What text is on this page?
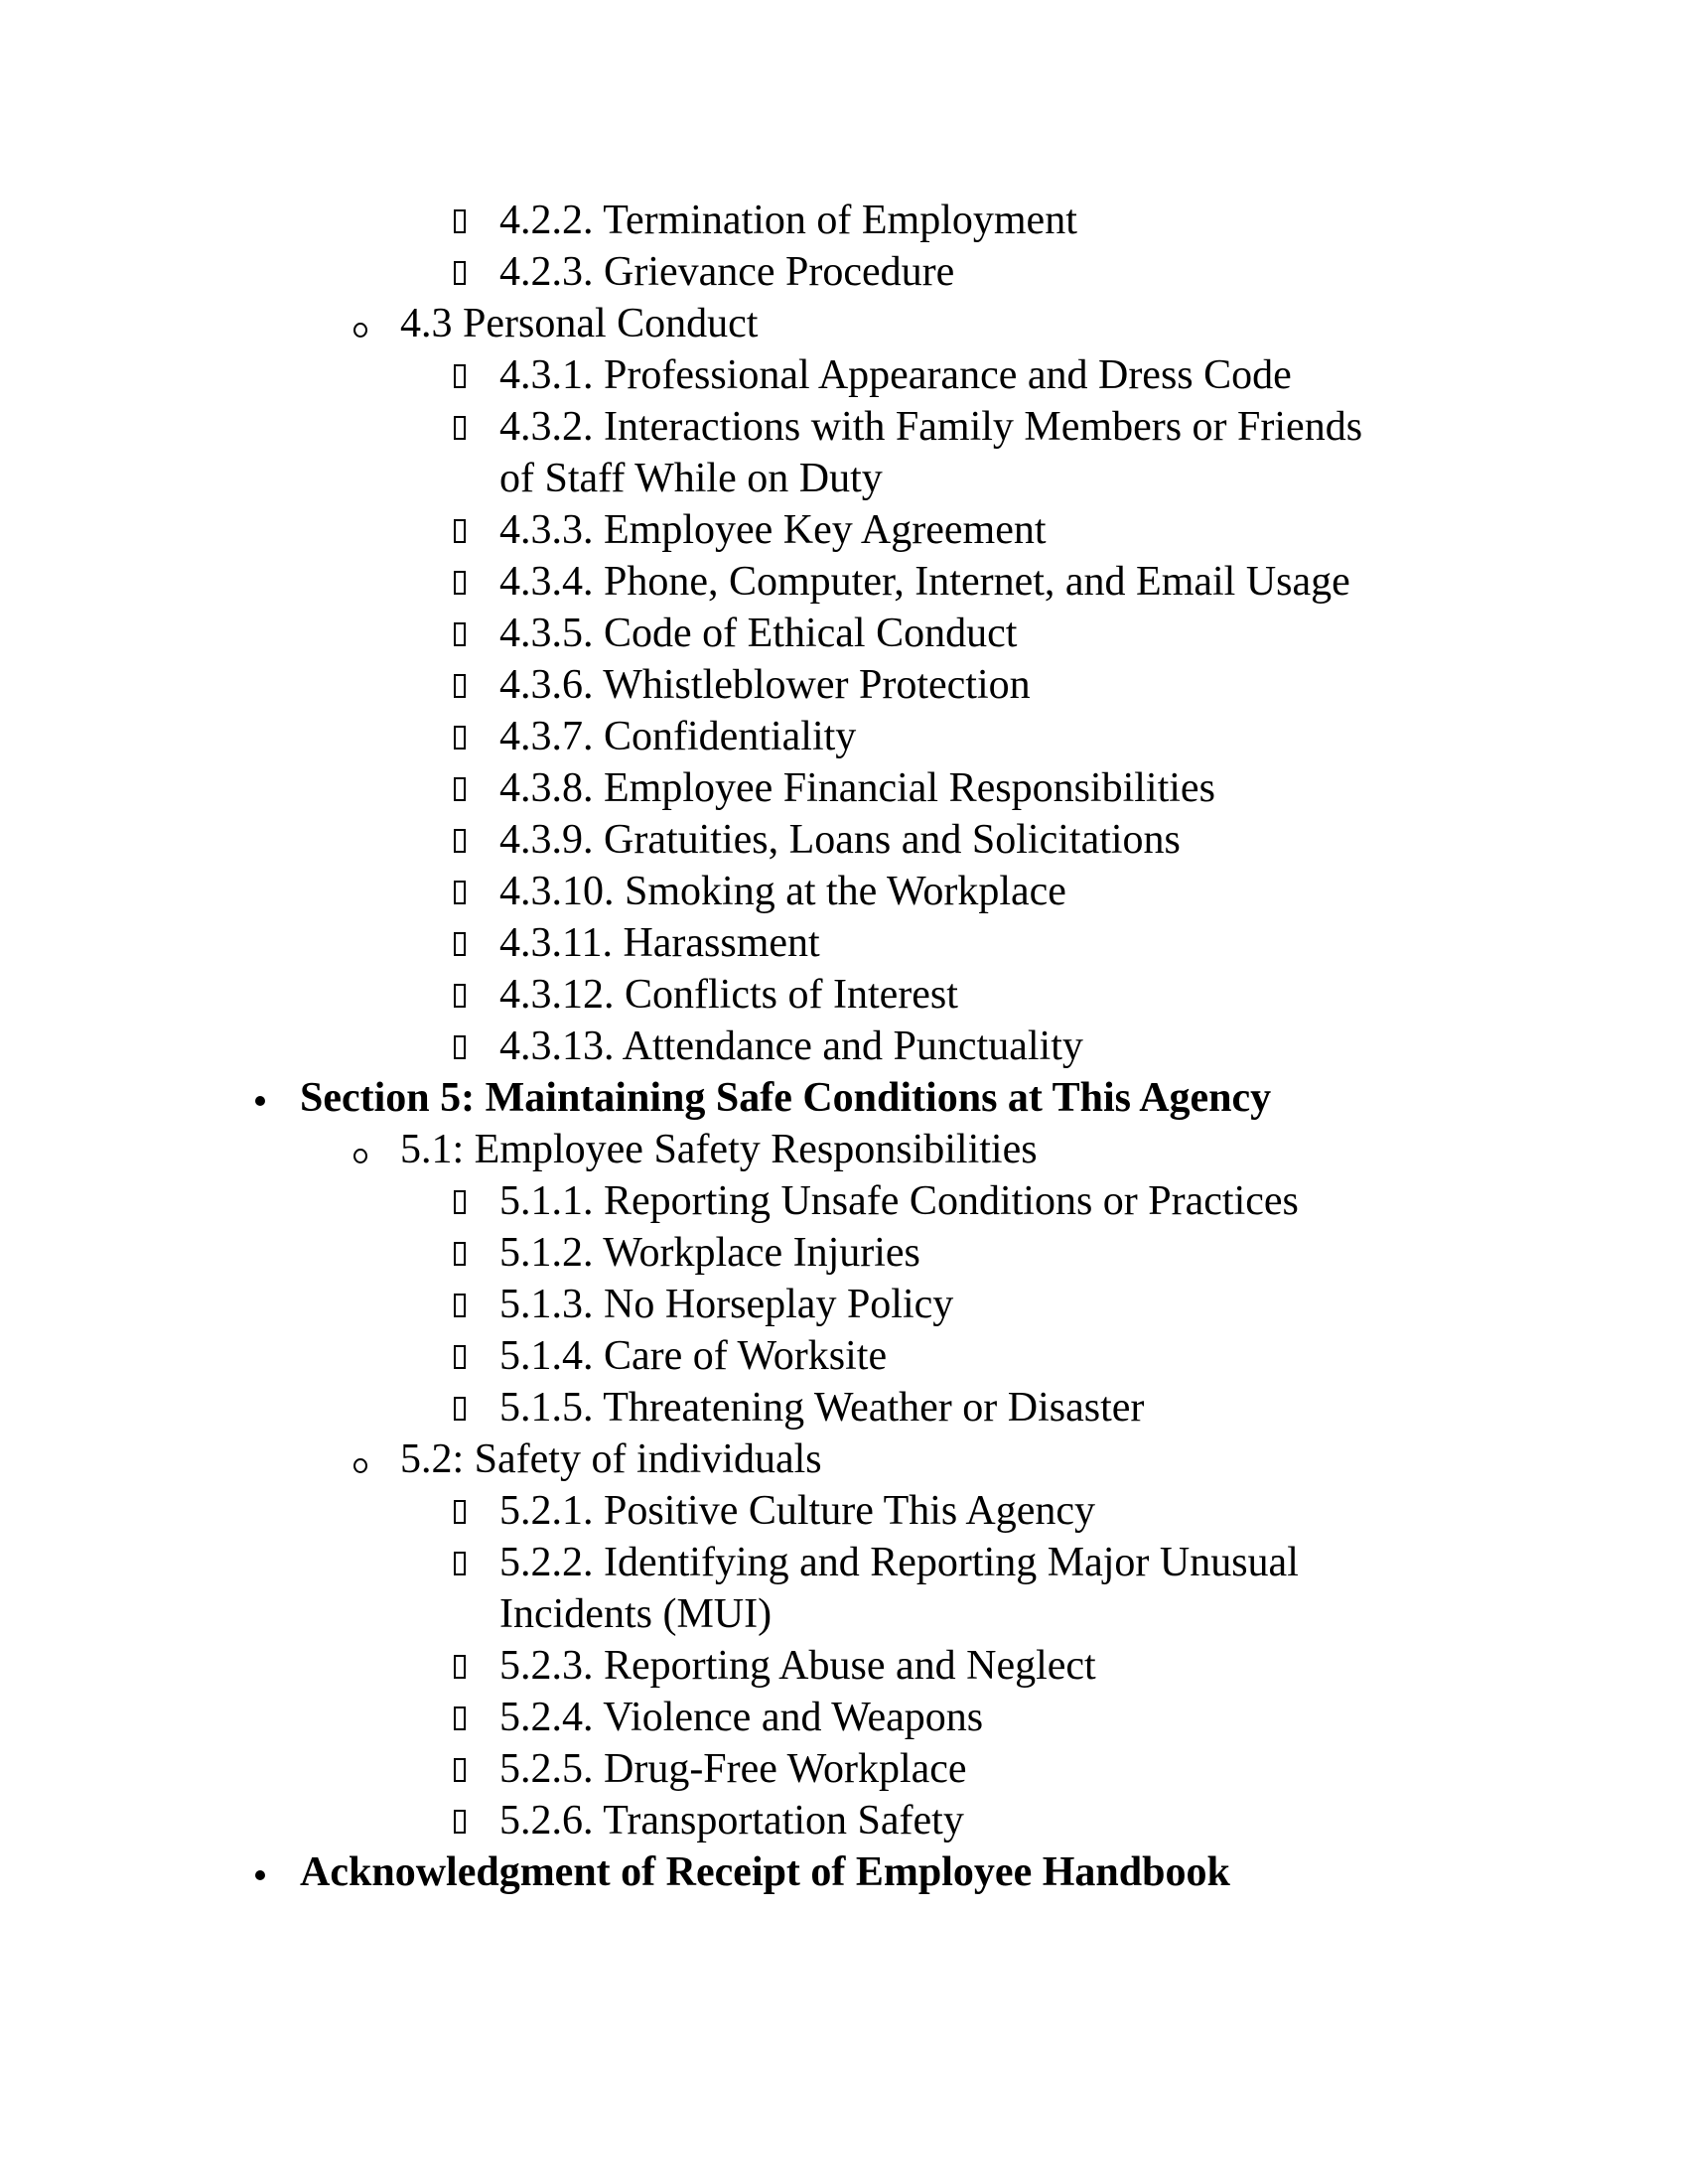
4.2.2. Termination of Employment
4.2.3. Grievance Procedure
4.3 Personal Conduct
4.3.1. Professional Appearance and Dress Code
4.3.2. Interactions with Family Members or Friends
of Staff While on Duty
4.3.3. Employee Key Agreement
4.3.4. Phone, Computer, Internet, and Email Usage
4.3.5. Code of Ethical Conduct
4.3.6. Whistleblower Protection
4.3.7. Confidentiality
4.3.8. Employee Financial Responsibilities
4.3.9. Gratuities, Loans and Solicitations
4.3.10. Smoking at the Workplace
4.3.11. Harassment
4.3.12. Conflicts of Interest
4.3.13. Attendance and Punctuality
Section 5: Maintaining Safe Conditions at This Agency
5.1: Employee Safety Responsibilities
5.1.1. Reporting Unsafe Conditions or Practices
5.1.2. Workplace Injuries
5.1.3. No Horseplay Policy
5.1.4. Care of Worksite
5.1.5. Threatening Weather or Disaster
5.2: Safety of individuals
5.2.1. Positive Culture This Agency
5.2.2. Identifying and Reporting Major Unusual
Incidents (MUI)
5.2.3. Reporting Abuse and Neglect
5.2.4. Violence and Weapons
5.2.5. Drug-Free Workplace
5.2.6. Transportation Safety
Acknowledgment of Receipt of Employee Handbook
